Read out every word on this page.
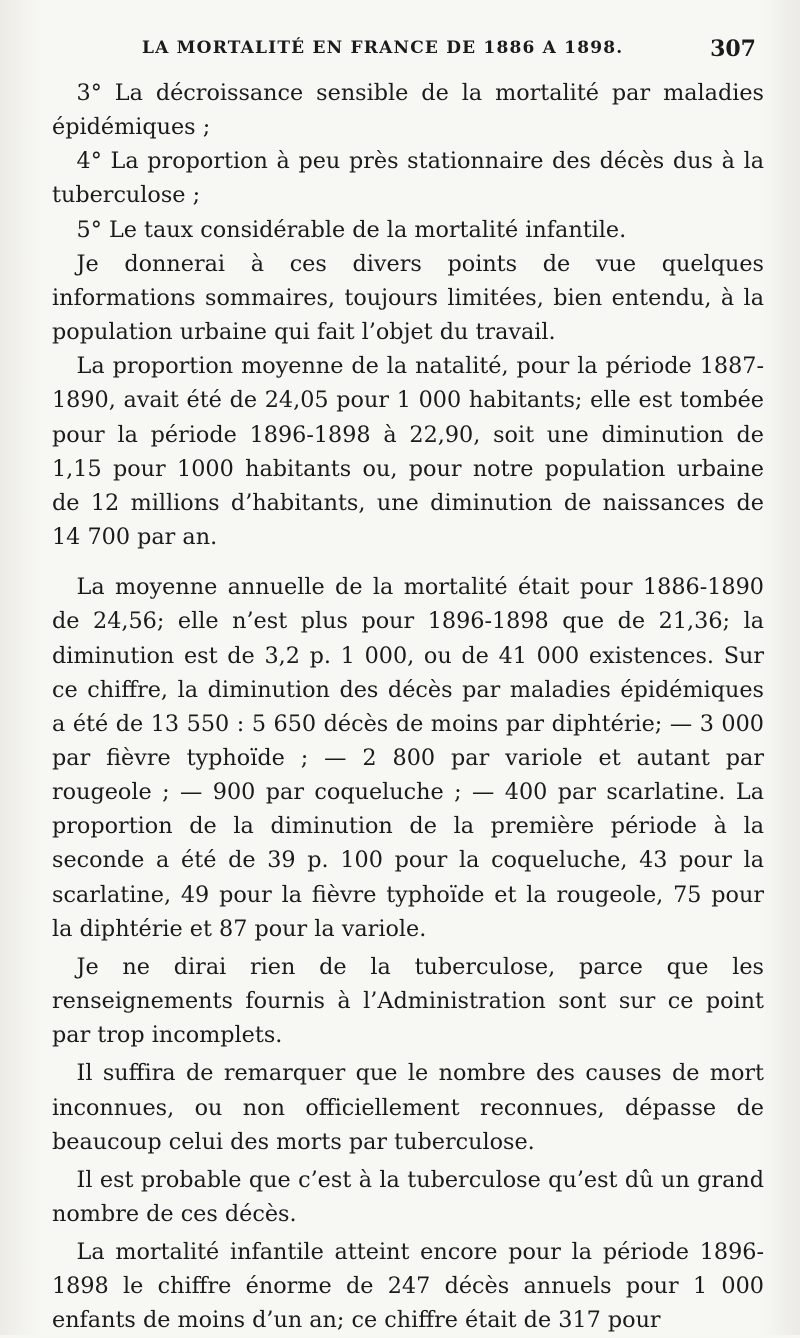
LA MORTALITÉ EN FRANCE DE 1886 A 1898.	307

3° La décroissance sensible de la mortalité par maladies épidémiques ;

4° La proportion à peu près stationnaire des décès dus à la tuberculose ;

5° Le taux considérable de la mortalité infantile.

Je donnerai à ces divers points de vue quelques informations sommaires, toujours limitées, bien entendu, à la population urbaine qui fait l’objet du travail.

La proportion moyenne de la natalité, pour la période 1887-1890, avait été de 24,05 pour 1 000 habitants; elle est tombée pour la période 1896-1898 à 22,90, soit une diminution de 1,15 pour 1000 habitants ou, pour notre population urbaine de 12 millions d’habitants, une diminution de naissances de 14 700 par an.

La moyenne annuelle de la mortalité était pour 1886-1890 de 24,56; elle n’est plus pour 1896-1898 que de 21,36; la diminution est de 3,2 p. 1 000, ou de 41 000 existences. Sur ce chiffre, la diminution des décès par maladies épidémiques a été de 13 550 : 5 650 décès de moins par diphtérie; — 3 000 par fièvre typhoïde ; — 2 800 par variole et autant par rougeole ; — 900 par coqueluche ; — 400 par scarlatine. La proportion de la diminution de la première période à la seconde a été de 39 p. 100 pour la coqueluche, 43 pour la scarlatine, 49 pour la fièvre typhoïde et la rougeole, 75 pour la diphtérie et 87 pour la variole.

Je ne dirai rien de la tuberculose, parce que les renseignements fournis à l’Administration sont sur ce point par trop incomplets.

Il suffira de remarquer que le nombre des causes de mort inconnues, ou non officiellement reconnues, dépasse de beaucoup celui des morts par tuberculose.

Il est probable que c’est à la tuberculose qu’est dû un grand nombre de ces décès.

La mortalité infantile atteint encore pour la période 1896-1898 le chiffre énorme de 247 décès annuels pour 1 000 enfants de moins d’un an; ce chiffre était de 317 pour
